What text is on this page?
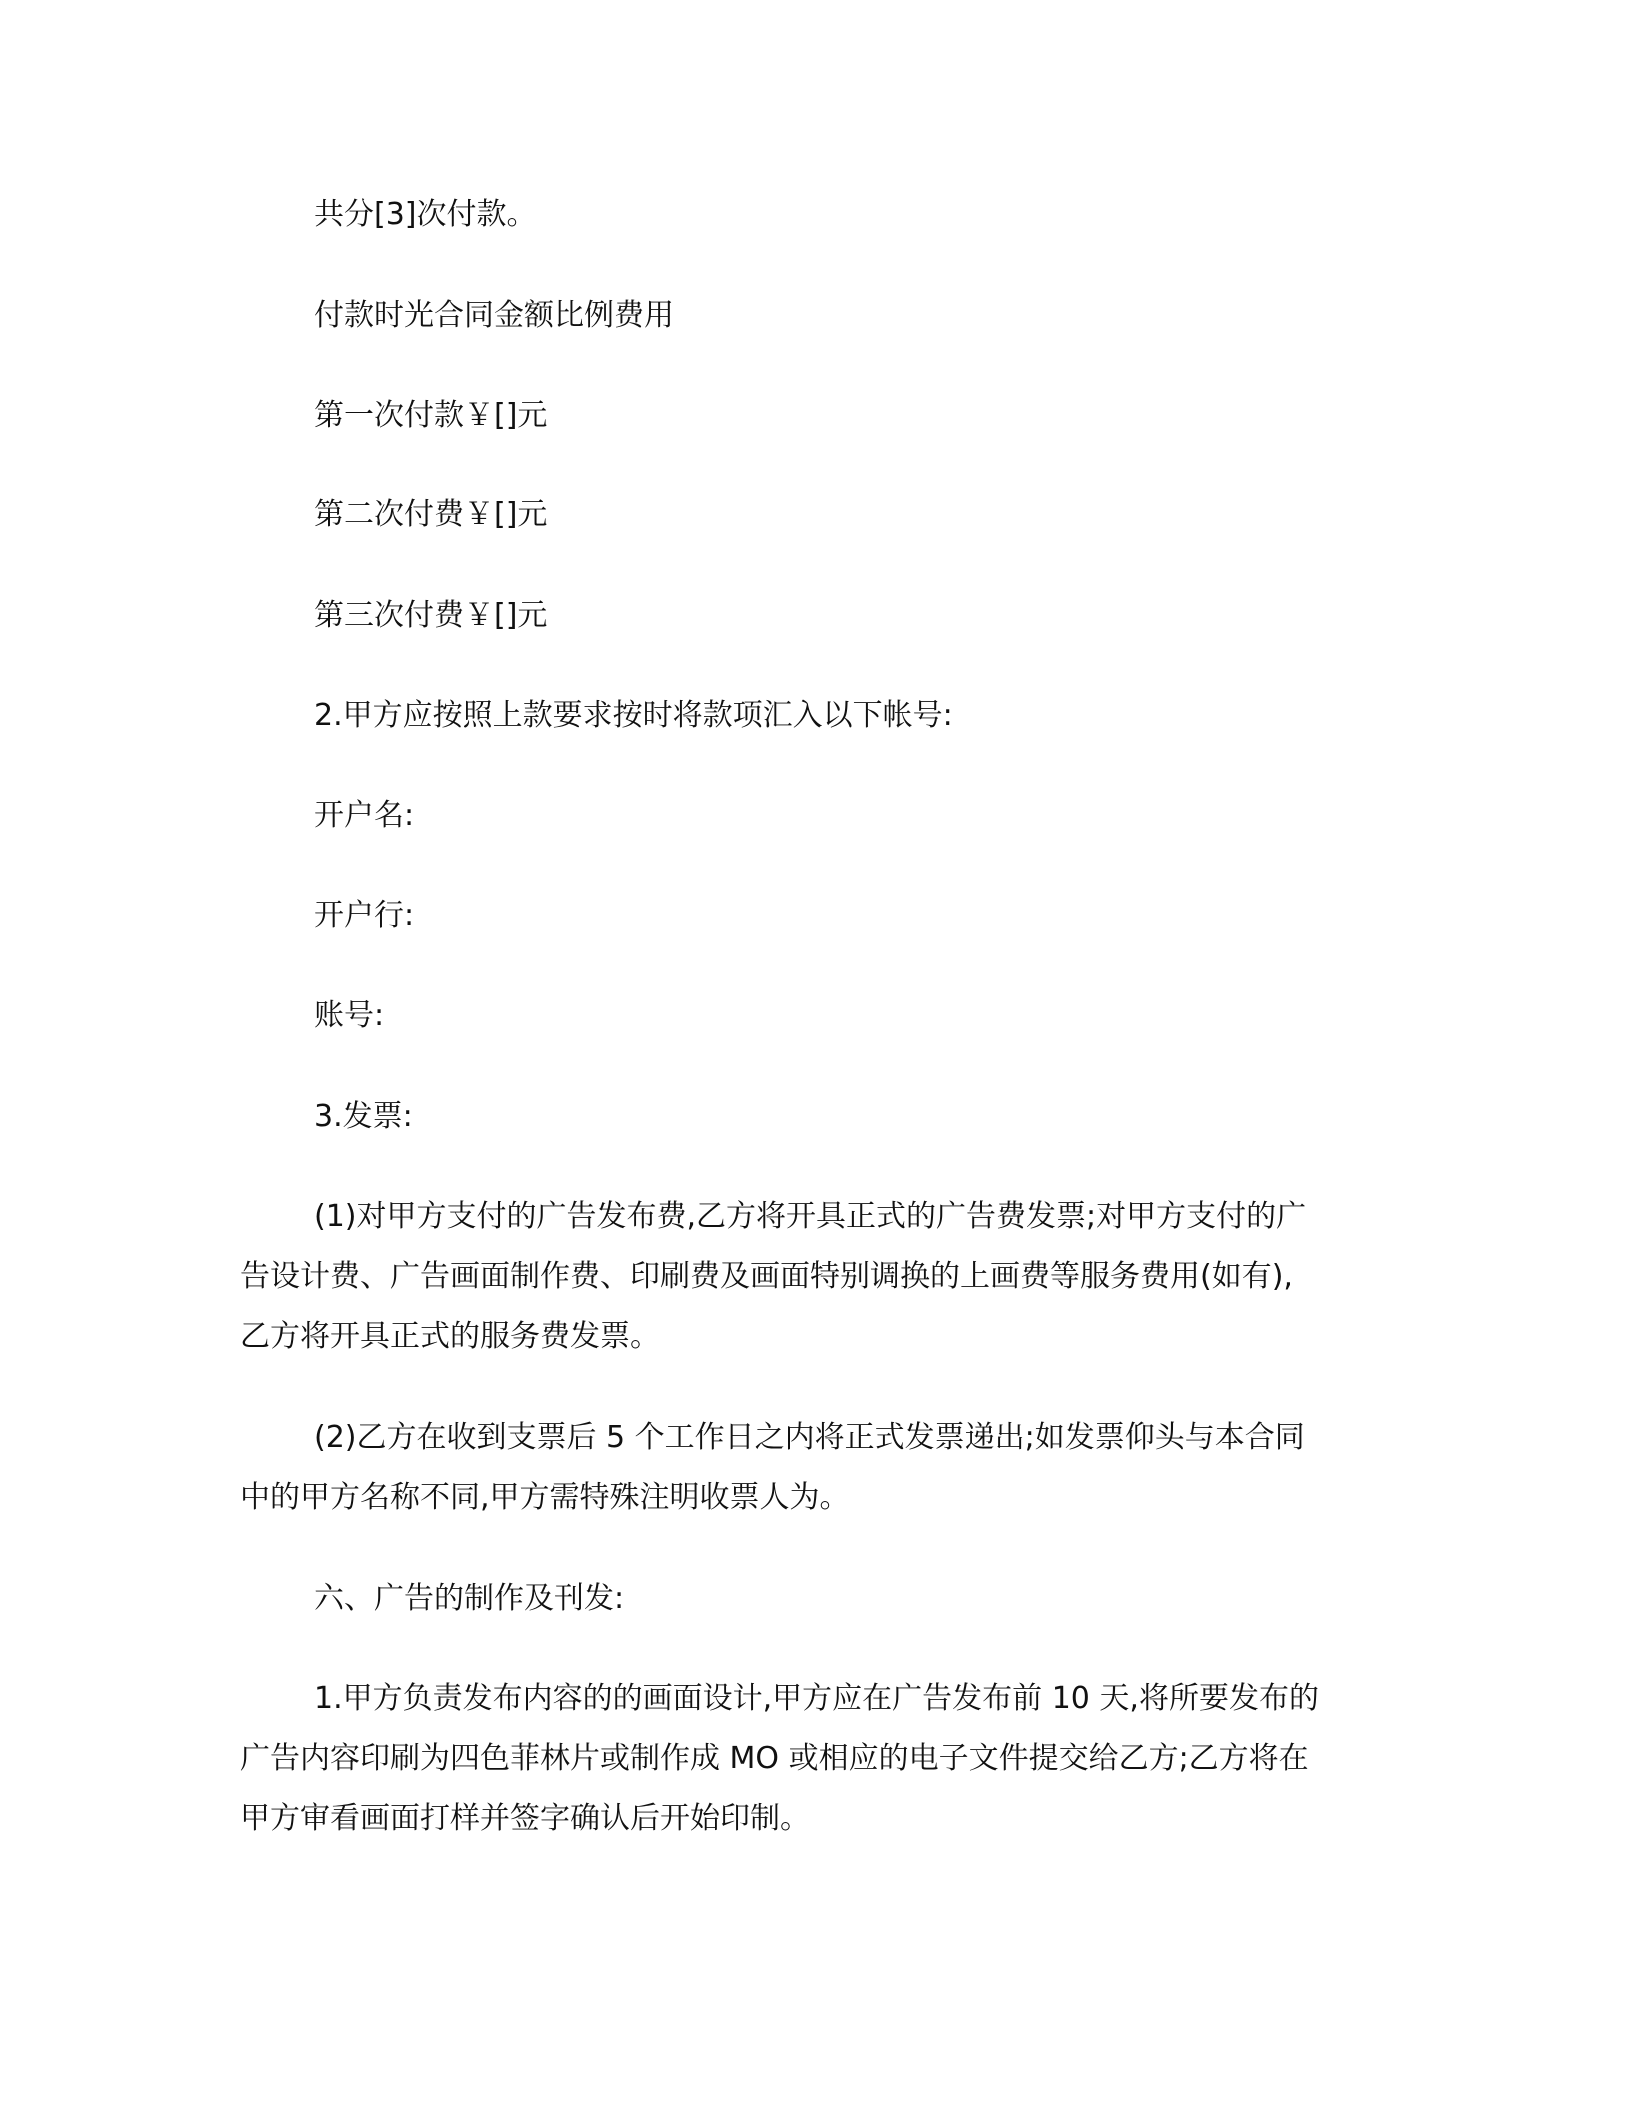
共分[3]次付款。
付款时光合同金额比例费用
第一次付款￥[]元
第二次付费￥[]元
第三次付费￥[]元
2.甲方应按照上款要求按时将款项汇入以下帐号:
开户名:
开户行:
账号:
3.发票:
(1)对甲方支付的广告发布费,乙方将开具正式的广告费发票;对甲方支付的广
告设计费、广告画面制作费、印刷费及画面特别调换的上画费等服务费用(如有),
乙方将开具正式的服务费发票。
(2)乙方在收到支票后 5 个工作日之内将正式发票递出;如发票仰头与本合同
中的甲方名称不同,甲方需特殊注明收票人为。
六、广告的制作及刊发:
1.甲方负责发布内容的的画面设计,甲方应在广告发布前 10 天,将所要发布的
广告内容印刷为四色菲林片或制作成 MO 或相应的电子文件提交给乙方;乙方将在
甲方审看画面打样并签字确认后开始印制。
